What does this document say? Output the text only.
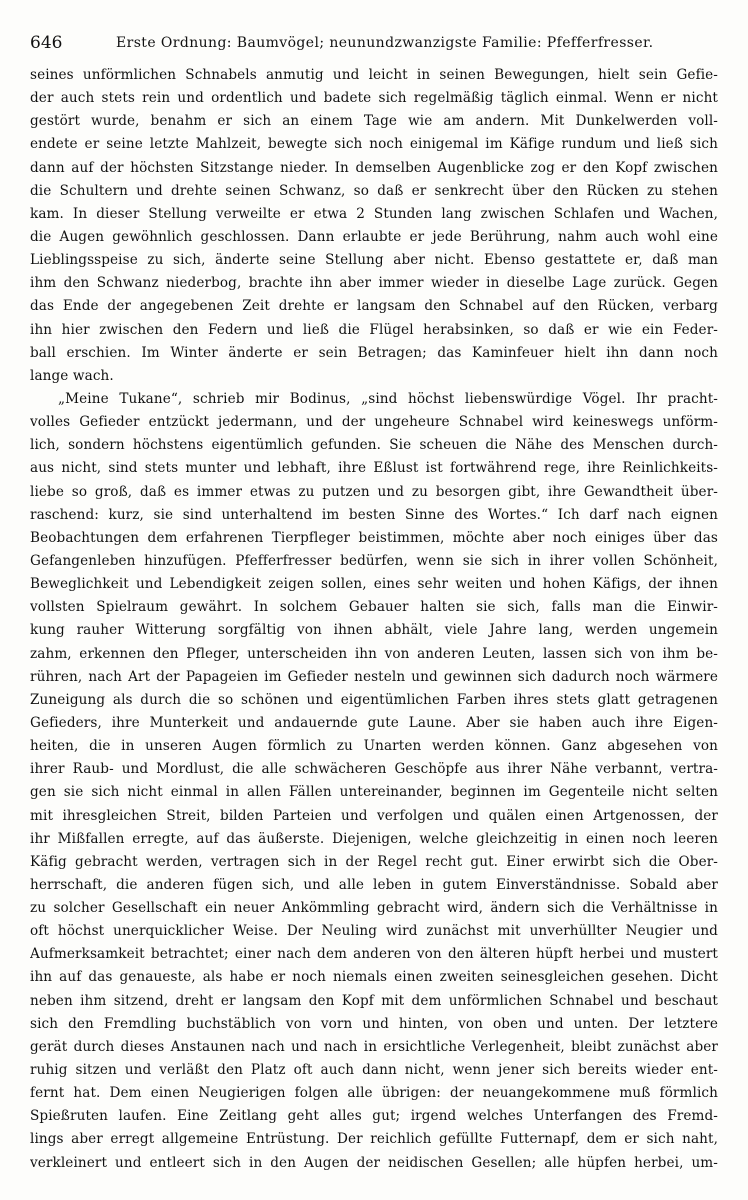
646	Erste Ordnung: Baumvögel; neunundzwanzigste Familie: Pfefferfresser.
seines unförmlichen Schnabels anmutig und leicht in seinen Bewegungen, hielt sein Gefie-
der auch stets rein und ordentlich und badete sich regelmäßig täglich einmal. Wenn er nicht
gestört wurde, benahm er sich an einem Tage wie am andern. Mit Dunkelwerden voll-
endete er seine letzte Mahlzeit, bewegte sich noch einigemal im Käfige rundum und ließ sich
dann auf der höchsten Sitzstange nieder. In demselben Augenblicke zog er den Kopf zwischen
die Schultern und drehte seinen Schwanz, so daß er senkrecht über den Rücken zu stehen
kam. In dieser Stellung verweilte er etwa 2 Stunden lang zwischen Schlafen und Wachen,
die Augen gewöhnlich geschlossen. Dann erlaubte er jede Berührung, nahm auch wohl eine
Lieblingsspeise zu sich, änderte seine Stellung aber nicht. Ebenso gestattete er, daß man
ihm den Schwanz niederbog, brachte ihn aber immer wieder in dieselbe Lage zurück. Gegen
das Ende der angegebenen Zeit drehte er langsam den Schnabel auf den Rücken, verbarg
ihn hier zwischen den Federn und ließ die Flügel herabsinken, so daß er wie ein Feder-
ball erschien. Im Winter änderte er sein Betragen; das Kaminfeuer hielt ihn dann noch
lange wach.
„Meine Tukane“, schrieb mir Bodinus, „sind höchst liebenswürdige Vögel. Ihr pracht-
volles Gefieder entzückt jedermann, und der ungeheure Schnabel wird keineswegs unförm-
lich, sondern höchstens eigentümlich gefunden. Sie scheuen die Nähe des Menschen durch-
aus nicht, sind stets munter und lebhaft, ihre Eßlust ist fortwährend rege, ihre Reinlichkeits-
liebe so groß, daß es immer etwas zu putzen und zu besorgen gibt, ihre Gewandtheit über-
raschend: kurz, sie sind unterhaltend im besten Sinne des Wortes.“ Ich darf nach eignen
Beobachtungen dem erfahrenen Tierpfleger beistimmen, möchte aber noch einiges über das
Gefangenleben hinzufügen. Pfefferfresser bedürfen, wenn sie sich in ihrer vollen Schönheit,
Beweglichkeit und Lebendigkeit zeigen sollen, eines sehr weiten und hohen Käfigs, der ihnen
vollsten Spielraum gewährt. In solchem Gebauer halten sie sich, falls man die Einwir-
kung rauher Witterung sorgfältig von ihnen abhält, viele Jahre lang, werden ungemein
zahm, erkennen den Pfleger, unterscheiden ihn von anderen Leuten, lassen sich von ihm be-
rühren, nach Art der Papageien im Gefieder nesteln und gewinnen sich dadurch noch wärmere
Zuneigung als durch die so schönen und eigentümlichen Farben ihres stets glatt getragenen
Gefieders, ihre Munterkeit und andauernde gute Laune. Aber sie haben auch ihre Eigen-
heiten, die in unseren Augen förmlich zu Unarten werden können. Ganz abgesehen von
ihrer Raub- und Mordlust, die alle schwächeren Geschöpfe aus ihrer Nähe verbannt, vertra-
gen sie sich nicht einmal in allen Fällen untereinander, beginnen im Gegenteile nicht selten
mit ihresgleichen Streit, bilden Parteien und verfolgen und quälen einen Artgenossen, der
ihr Mißfallen erregte, auf das äußerste. Diejenigen, welche gleichzeitig in einen noch leeren
Käfig gebracht werden, vertragen sich in der Regel recht gut. Einer erwirbt sich die Ober-
herrschaft, die anderen fügen sich, und alle leben in gutem Einverständnisse. Sobald aber
zu solcher Gesellschaft ein neuer Ankömmling gebracht wird, ändern sich die Verhältnisse in
oft höchst unerquicklicher Weise. Der Neuling wird zunächst mit unverhüllter Neugier und
Aufmerksamkeit betrachtet; einer nach dem anderen von den älteren hüpft herbei und mustert
ihn auf das genaueste, als habe er noch niemals einen zweiten seinesgleichen gesehen. Dicht
neben ihm sitzend, dreht er langsam den Kopf mit dem unförmlichen Schnabel und beschaut
sich den Fremdling buchstäblich von vorn und hinten, von oben und unten. Der letztere
gerät durch dieses Anstaunen nach und nach in ersichtliche Verlegenheit, bleibt zunächst aber
ruhig sitzen und verläßt den Platz oft auch dann nicht, wenn jener sich bereits wieder ent-
fernt hat. Dem einen Neugierigen folgen alle übrigen: der neuangekommene muß förmlich
Spießruten laufen. Eine Zeitlang geht alles gut; irgend welches Unterfangen des Fremd-
lings aber erregt allgemeine Entrüstung. Der reichlich gefüllte Futternapf, dem er sich naht,
verkleinert und entleert sich in den Augen der neidischen Gesellen; alle hüpfen herbei, um-
